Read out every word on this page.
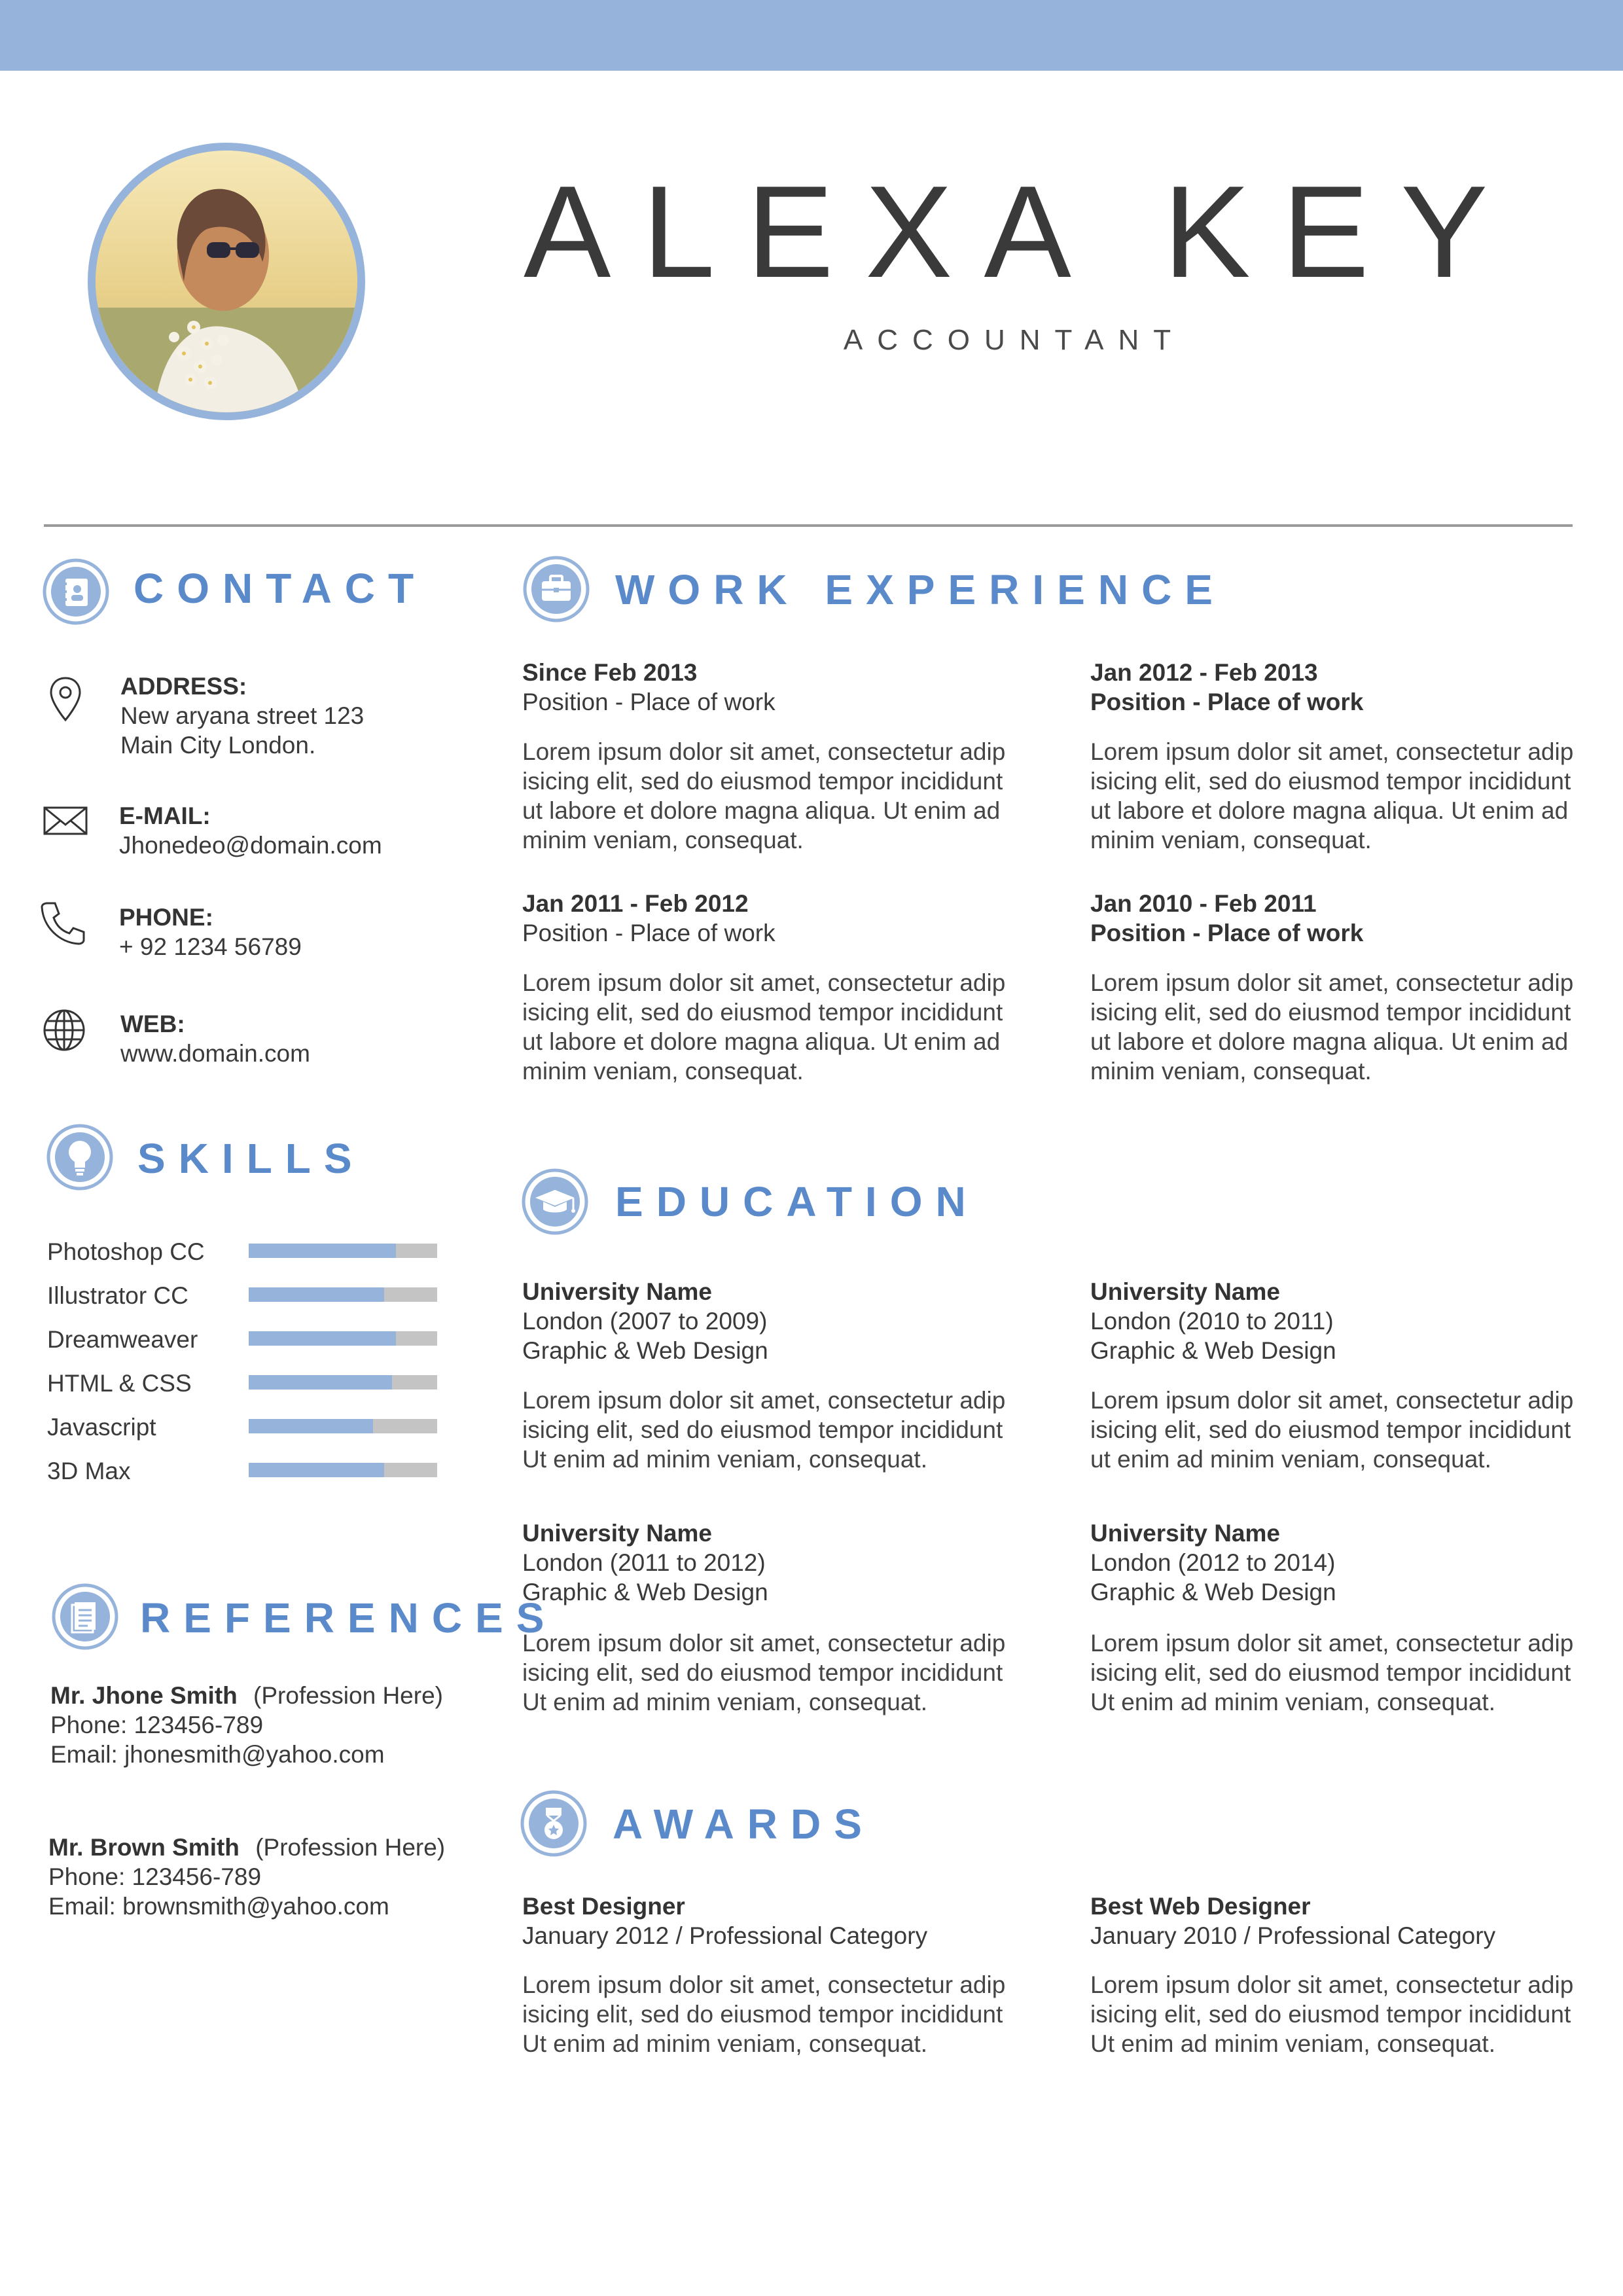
ALEXA KEY
ACCOUNTANT
CONTACT
ADDRESS:
New aryana street 123
Main City London.
E-MAIL:
Jhonedeo@domain.com
PHONE:
+ 92 1234 56789
WEB:
www.domain.com
SKILLS
Photoshop CC
Illustrator CC
Dreamweaver
HTML & CSS
Javascript
3D Max
REFERENCES
Mr. Jhone Smith (Profession Here)
Phone: 123456-789
Email: jhonesmith@yahoo.com
Mr. Brown Smith (Profession Here)
Phone: 123456-789
Email: brownsmith@yahoo.com
WORK EXPERIENCE
Since Feb 2013
Position - Place of work
Lorem ipsum dolor sit amet, consectetur adip
isicing elit, sed do eiusmod tempor incididunt
ut labore et dolore magna aliqua. Ut enim ad
minim veniam, consequat.
Jan 2012 - Feb 2013
Position - Place of work
Lorem ipsum dolor sit amet, consectetur adip
isicing elit, sed do eiusmod tempor incididunt
ut labore et dolore magna aliqua. Ut enim ad
minim veniam, consequat.
Jan 2011 - Feb 2012
Position - Place of work
Lorem ipsum dolor sit amet, consectetur adip
isicing elit, sed do eiusmod tempor incididunt
ut labore et dolore magna aliqua. Ut enim ad
minim veniam, consequat.
Jan 2010 - Feb 2011
Position - Place of work
Lorem ipsum dolor sit amet, consectetur adip
isicing elit, sed do eiusmod tempor incididunt
ut labore et dolore magna aliqua. Ut enim ad
minim veniam, consequat.
EDUCATION
University Name
London (2007 to 2009)
Graphic & Web Design
Lorem ipsum dolor sit amet, consectetur adip
isicing elit, sed do eiusmod tempor incididunt
Ut enim ad minim veniam, consequat.
University Name
London (2010 to 2011)
Graphic & Web Design
Lorem ipsum dolor sit amet, consectetur adip
isicing elit, sed do eiusmod tempor incididunt
ut enim ad minim veniam, consequat.
University Name
London (2011 to 2012)
Graphic & Web Design
Lorem ipsum dolor sit amet, consectetur adip
isicing elit, sed do eiusmod tempor incididunt
Ut enim ad minim veniam, consequat.
University Name
London (2012 to 2014)
Graphic & Web Design
Lorem ipsum dolor sit amet, consectetur adip
isicing elit, sed do eiusmod tempor incididunt
Ut enim ad minim veniam, consequat.
AWARDS
Best Designer
January 2012 / Professional Category
Lorem ipsum dolor sit amet, consectetur adip
isicing elit, sed do eiusmod tempor incididunt
Ut enim ad minim veniam, consequat.
Best Web Designer
January 2010 / Professional Category
Lorem ipsum dolor sit amet, consectetur adip
isicing elit, sed do eiusmod tempor incididunt
Ut enim ad minim veniam, consequat.
